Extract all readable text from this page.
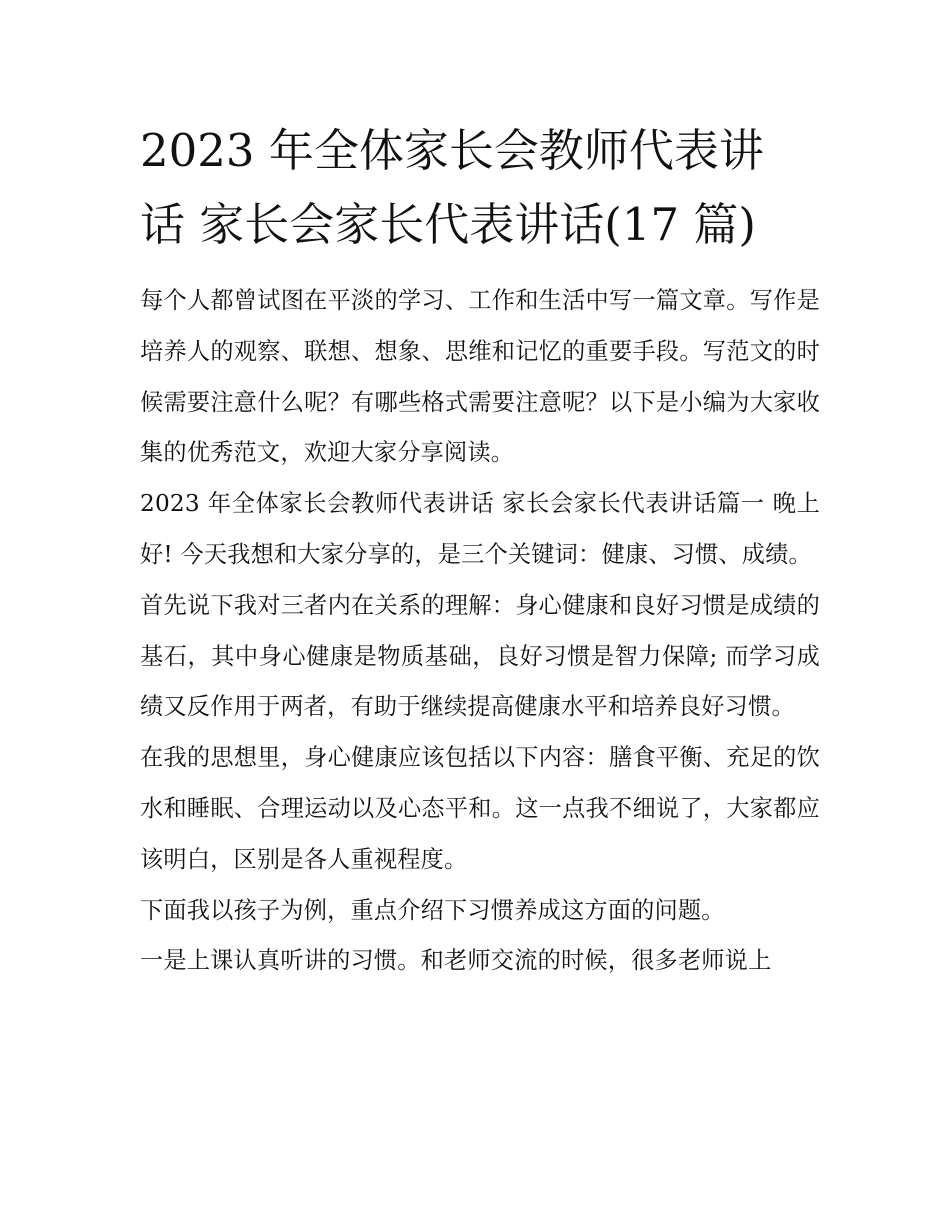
2023 年全体家长会教师代表讲
话 家长会家长代表讲话(17 篇)

每个人都曾试图在平淡的学习、工作和生活中写一篇文章。写作是培养人的观察、联想、想象、思维和记忆的重要手段。写范文的时候需要注意什么呢？有哪些格式需要注意呢？以下是小编为大家收集的优秀范文，欢迎大家分享阅读。

2023 年全体家长会教师代表讲话 家长会家长代表讲话篇一 晚上好! 今天我想和大家分享的，是三个关键词：健康、习惯、成绩。

首先说下我对三者内在关系的理解：身心健康和良好习惯是成绩的基石，其中身心健康是物质基础，良好习惯是智力保障; 而学习成绩又反作用于两者，有助于继续提高健康水平和培养良好习惯。

在我的思想里，身心健康应该包括以下内容：膳食平衡、充足的饮水和睡眠、合理运动以及心态平和。这一点我不细说了，大家都应该明白，区别是各人重视程度。

下面我以孩子为例，重点介绍下习惯养成这方面的问题。

一是上课认真听讲的习惯。和老师交流的时候，很多老师说上
